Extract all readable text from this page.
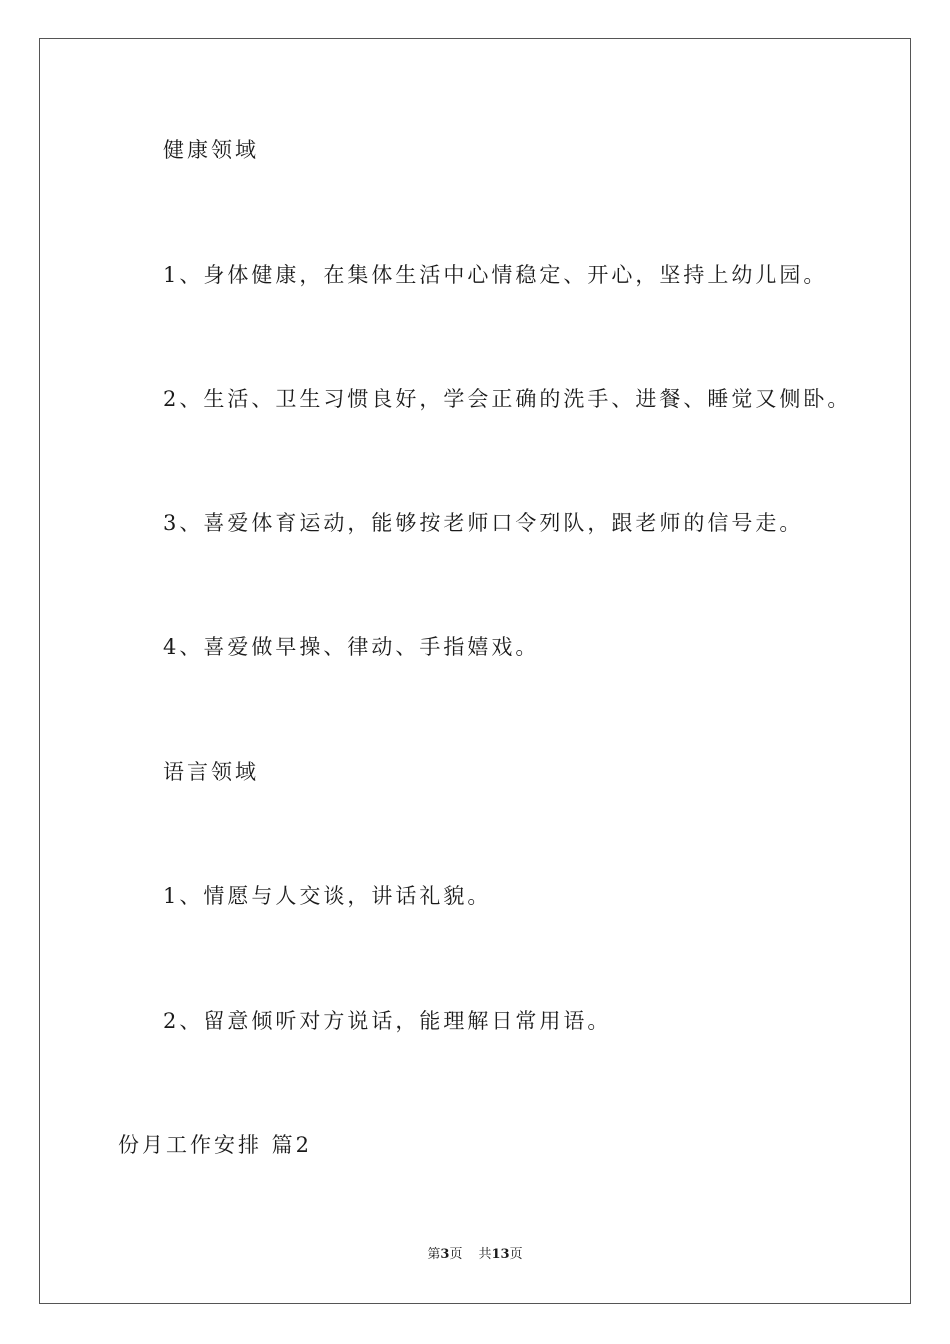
健康领域
1、身体健康，在集体生活中心情稳定、开心，坚持上幼儿园。
2、生活、卫生习惯良好，学会正确的洗手、进餐、睡觉又侧卧。
3、喜爱体育运动，能够按老师口令列队，跟老师的信号走。
4、喜爱做早操、律动、手指嬉戏。
语言领域
1、情愿与人交谈，讲话礼貌。
2、留意倾听对方说话，能理解日常用语。
份月工作安排 篇2
第3页 共13页
